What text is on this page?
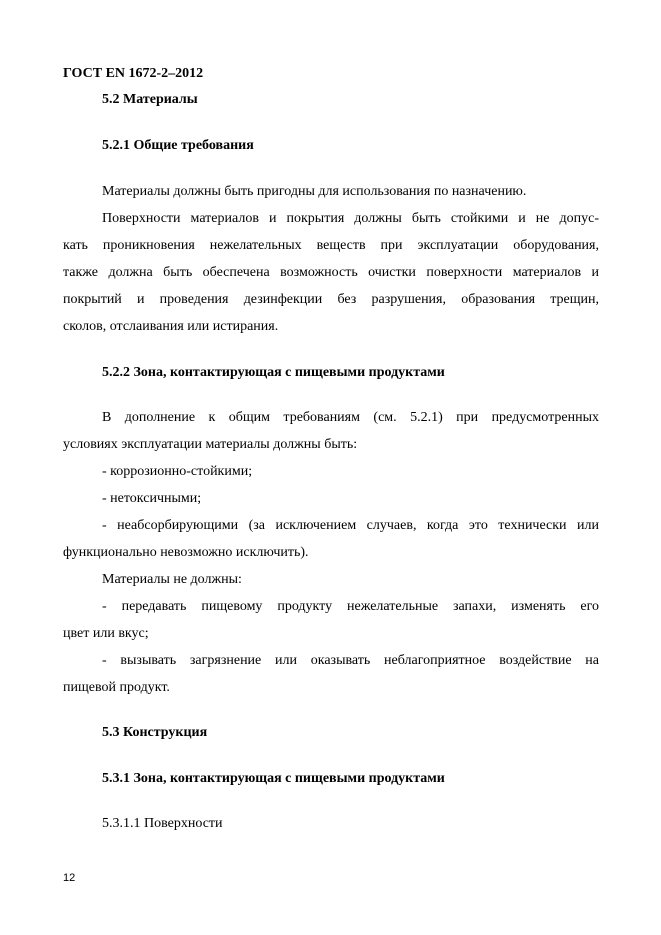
ГОСТ EN 1672-2–2012
5.2 Материалы
5.2.1 Общие требования
Материалы должны быть пригодны для использования по назначению.
Поверхности материалов и покрытия должны быть стойкими и не допус-
кать проникновения нежелательных веществ при эксплуатации оборудования,
также должна быть обеспечена возможность очистки поверхности материалов и
покрытий и проведения дезинфекции без разрушения, образования трещин,
сколов, отслаивания или истирания.
5.2.2 Зона, контактирующая с пищевыми продуктами
В дополнение к общим требованиям (см. 5.2.1) при предусмотренных
условиях эксплуатации материалы должны быть:
- коррозионно-стойкими;
- нетоксичными;
- неабсорбирующими (за исключением случаев, когда это технически или
функционально невозможно исключить).
Материалы не должны:
- передавать пищевому продукту нежелательные запахи, изменять его
цвет или вкус;
- вызывать загрязнение или оказывать неблагоприятное воздействие на
пищевой продукт.
5.3 Конструкция
5.3.1 Зона, контактирующая с пищевыми продуктами
5.3.1.1 Поверхности
12
